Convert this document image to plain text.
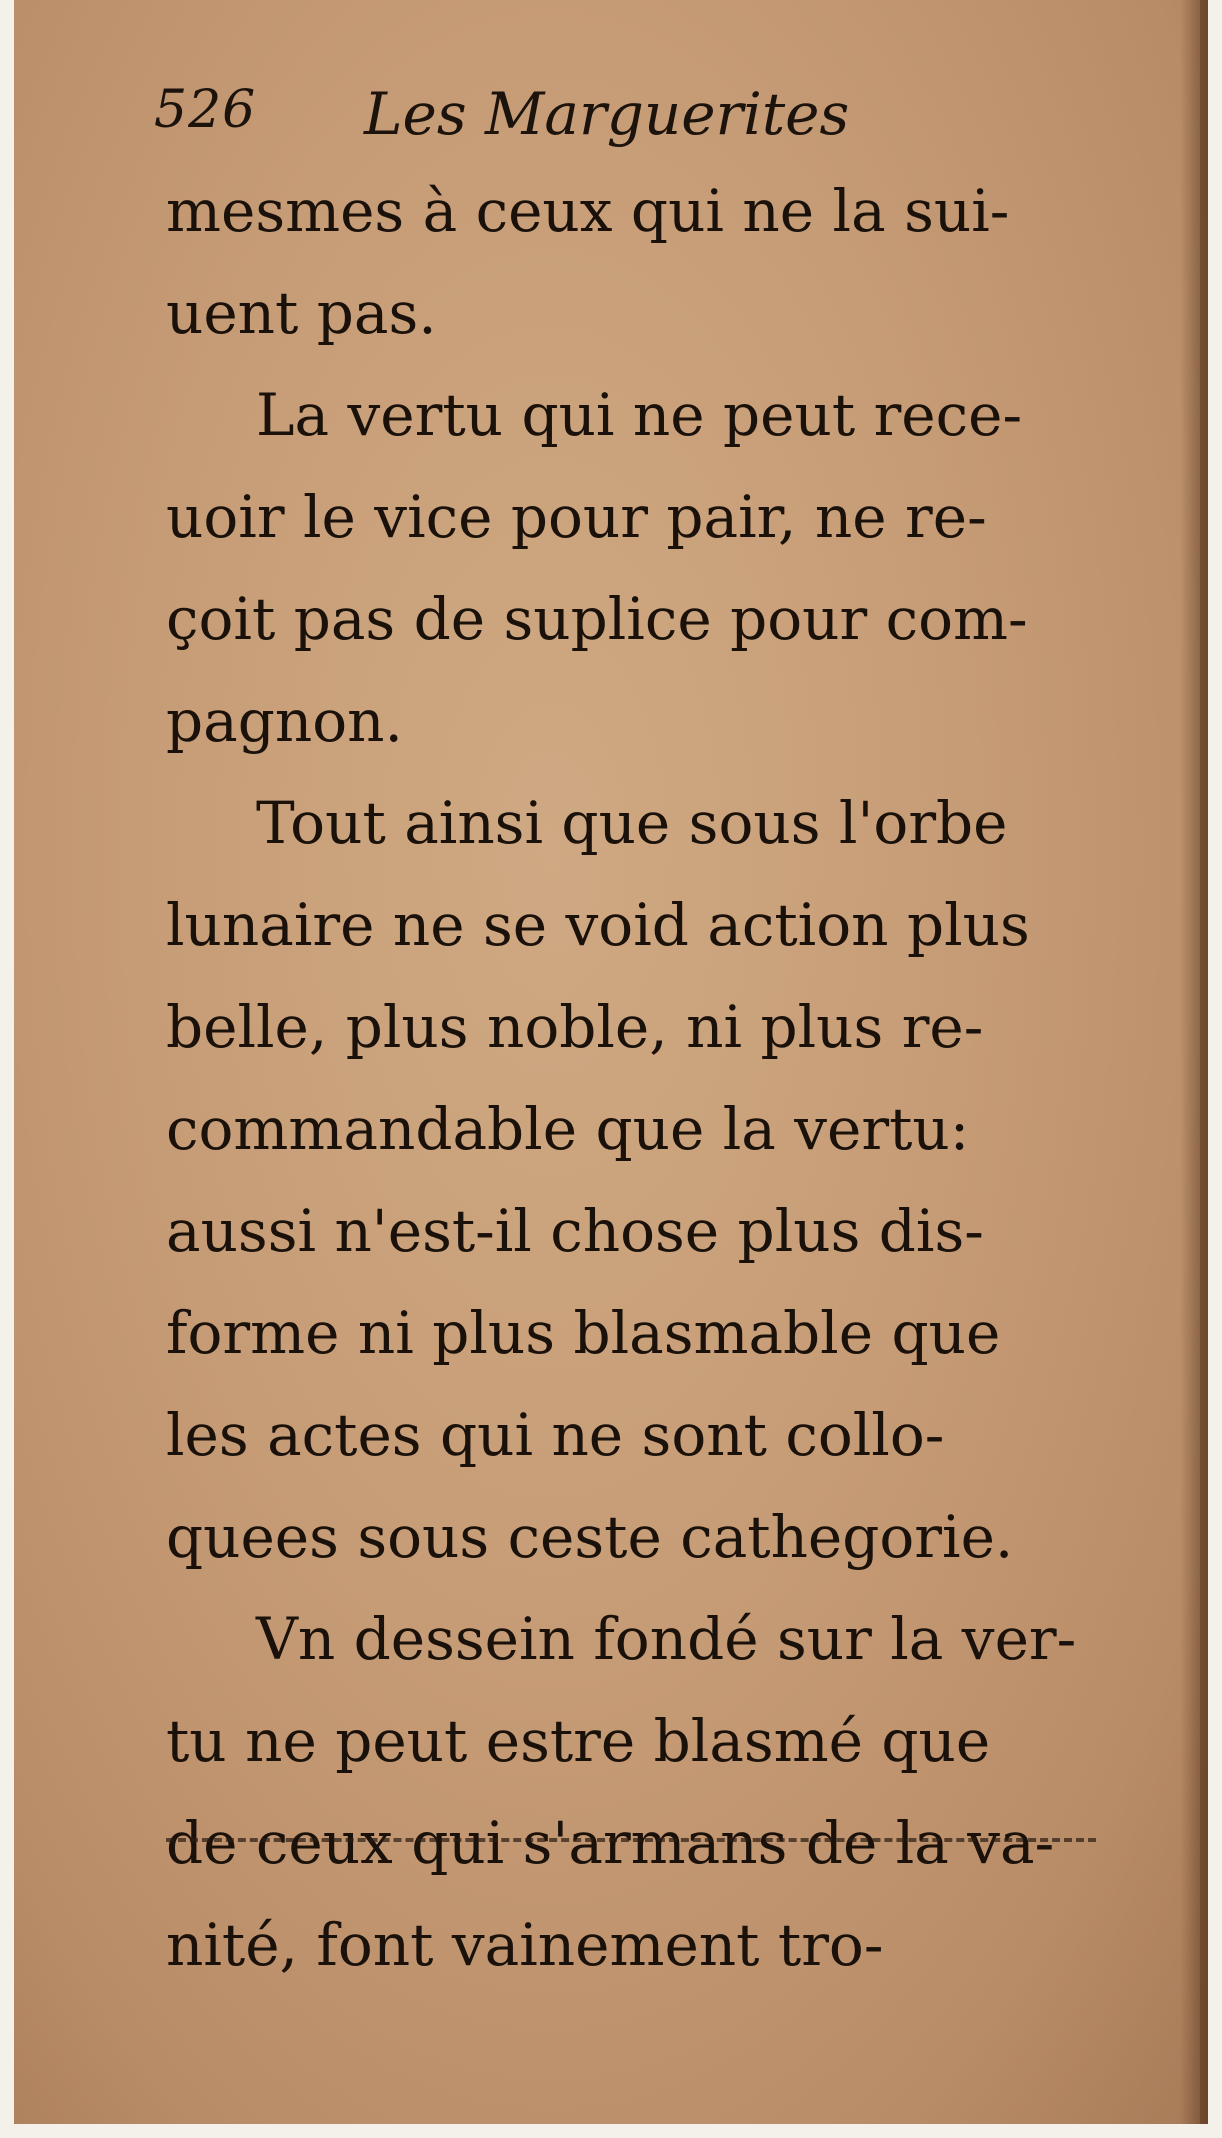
526 Les Marguerites
mesmes à ceux qui ne la sui-
uent pas.
La vertu qui ne peut rece-
uoir le vice pour pair, ne re-
çoit pas de suplice pour com-
pagnon.
Tout ainsi que sous l'orbe
lunaire ne se void action plus
belle, plus noble, ni plus re-
commandable que la vertu:
aussi n'est-il chose plus dis-
forme ni plus blasmable que
les actes qui ne sont collo-
quees sous ceste cathegorie.
Vn dessein fondé sur la ver-
tu ne peut estre blasmé que
de ceux qui s'armans de la va-
nité, font vainement tro-
